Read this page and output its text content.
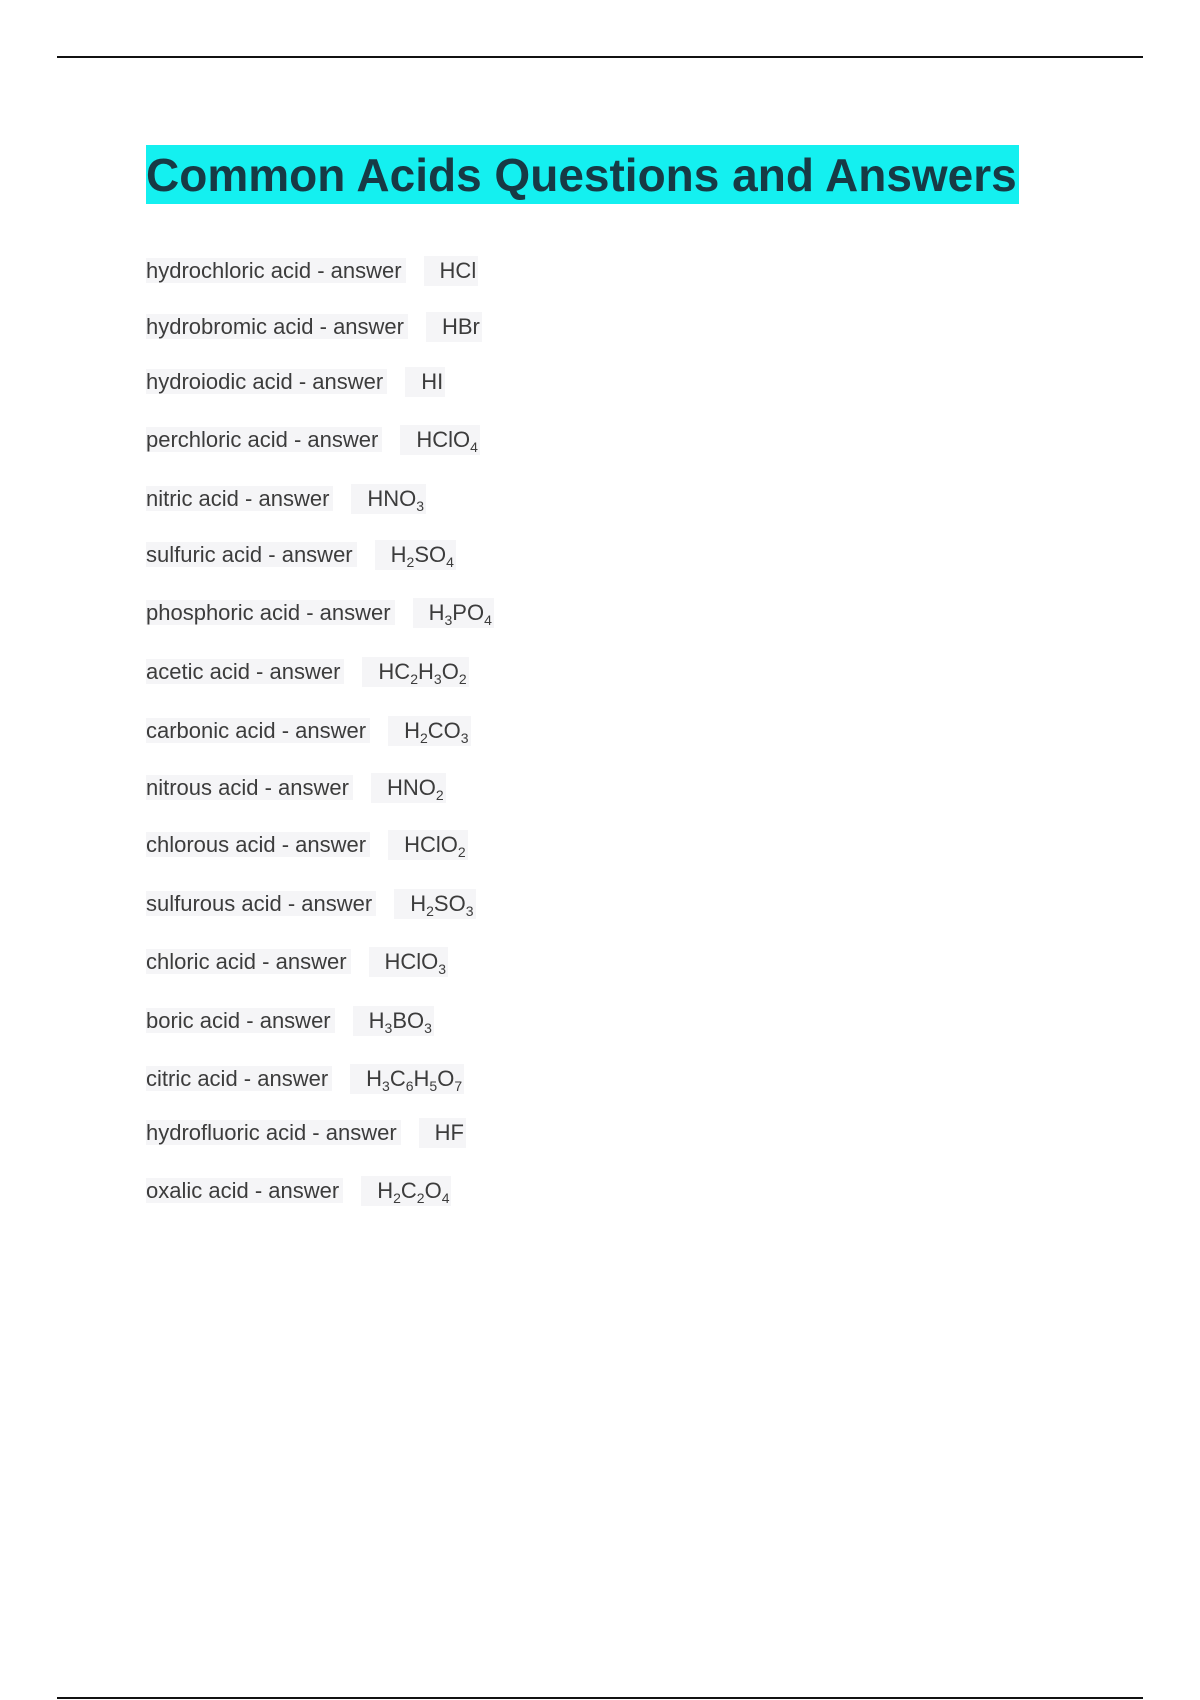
Common Acids Questions and Answers
hydrochloric acid - answer HCl
hydrobromic acid - answer HBr
hydroiodic acid - answer HI
perchloric acid - answer HClO$_4$
nitric acid - answer $HNO_3$
sulfuric acid - answer $H_2SO_4$
phosphoric acid - answer $H_3PO_4$
acetic acid - answer $HC_2H_3O_2$
carbonic acid - answer $H_2CO_3$
nitrous acid - answer $HNO_2$
chlorous acid - answer HClO$_2$
sulfurous acid - answer $H_2SO_3$
chloric acid - answer HClO$_3$
boric acid - answer $H_3BO_3$
citric acid - answer $H_3C_6H_5O_7$
hydrofluoric acid - answer HF
oxalic acid - answer $H_2C_2O_4$
